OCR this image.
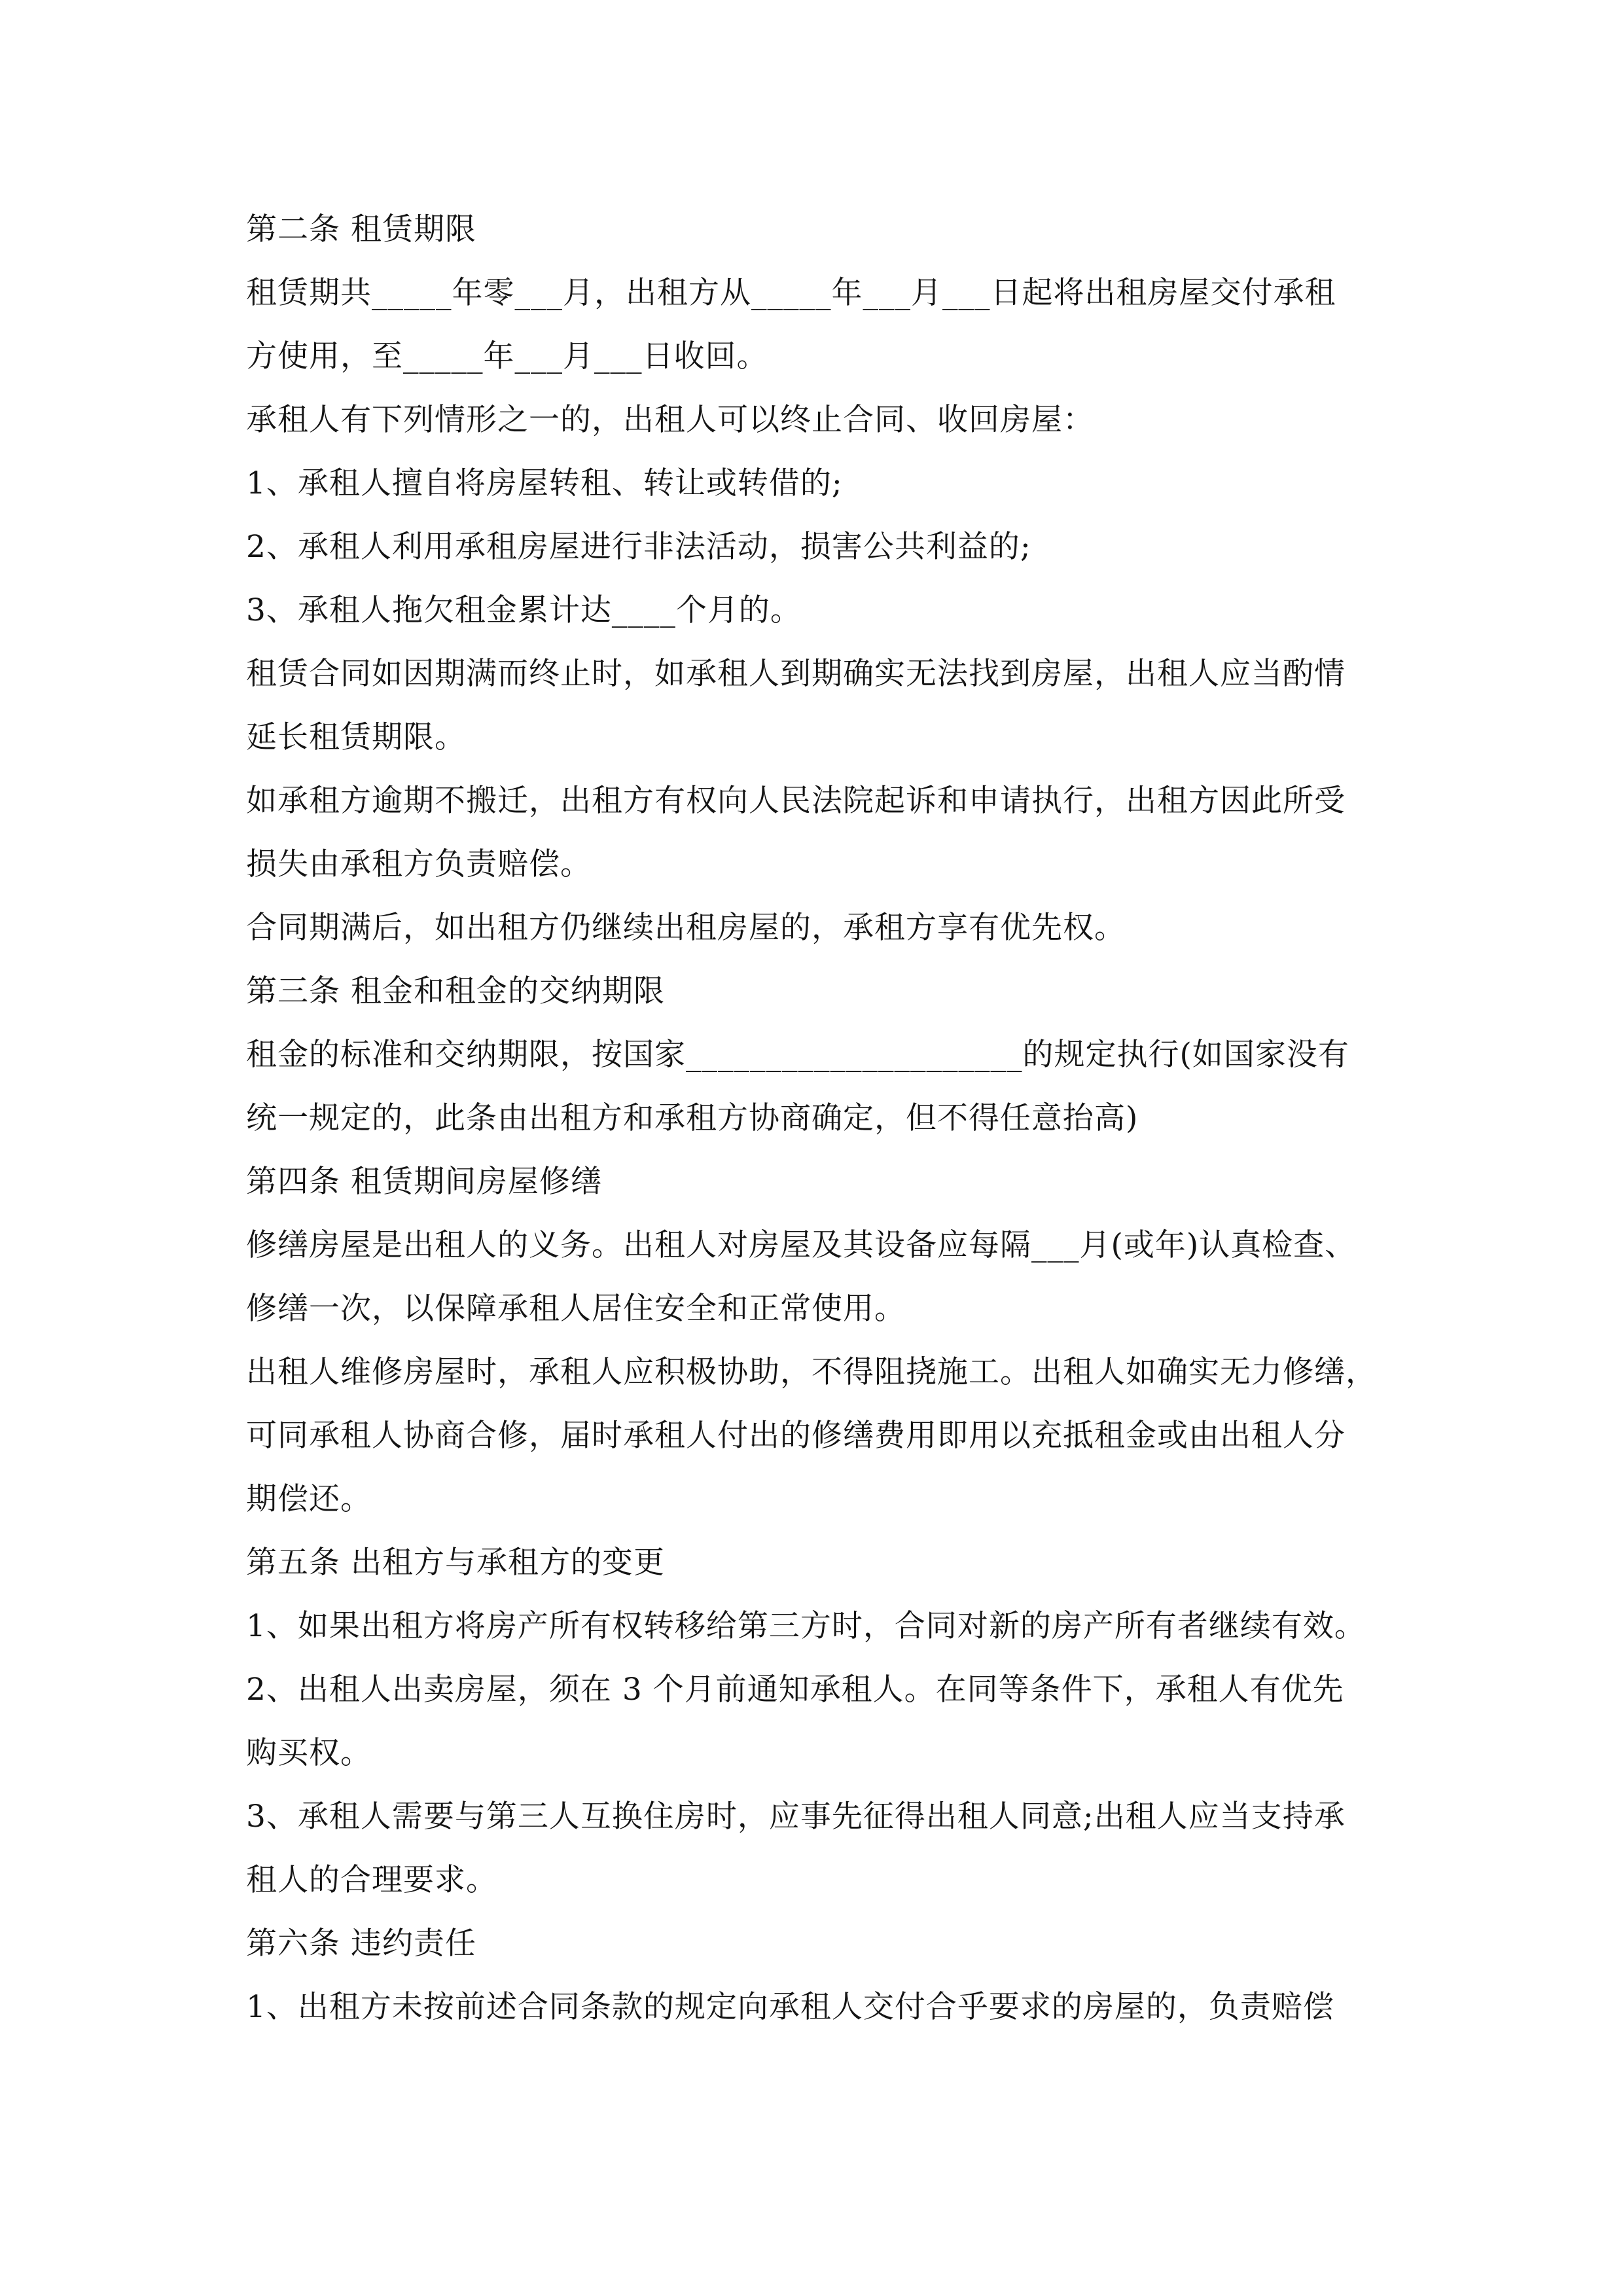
第二条 租赁期限
租赁期共_____年零___月，出租方从_____年___月___日起将出租房屋交付承租
方使用，至_____年___月___日收回。
承租人有下列情形之一的，出租人可以终止合同、收回房屋：
1、承租人擅自将房屋转租、转让或转借的;
2、承租人利用承租房屋进行非法活动，损害公共利益的;
3、承租人拖欠租金累计达____个月的。
租赁合同如因期满而终止时，如承租人到期确实无法找到房屋，出租人应当酌情
延长租赁期限。
如承租方逾期不搬迁，出租方有权向人民法院起诉和申请执行，出租方因此所受
损失由承租方负责赔偿。
合同期满后，如出租方仍继续出租房屋的，承租方享有优先权。
第三条 租金和租金的交纳期限
租金的标准和交纳期限，按国家_____________________的规定执行(如国家没有
统一规定的，此条由出租方和承租方协商确定，但不得任意抬高)
第四条 租赁期间房屋修缮
修缮房屋是出租人的义务。出租人对房屋及其设备应每隔___月(或年)认真检查、
修缮一次，以保障承租人居住安全和正常使用。
出租人维修房屋时，承租人应积极协助，不得阻挠施工。出租人如确实无力修缮，
可同承租人协商合修，届时承租人付出的修缮费用即用以充抵租金或由出租人分
期偿还。
第五条 出租方与承租方的变更
1、如果出租方将房产所有权转移给第三方时，合同对新的房产所有者继续有效。
2、出租人出卖房屋，须在 3 个月前通知承租人。在同等条件下，承租人有优先
购买权。
3、承租人需要与第三人互换住房时，应事先征得出租人同意;出租人应当支持承
租人的合理要求。
第六条 违约责任
1、出租方未按前述合同条款的规定向承租人交付合乎要求的房屋的，负责赔偿
